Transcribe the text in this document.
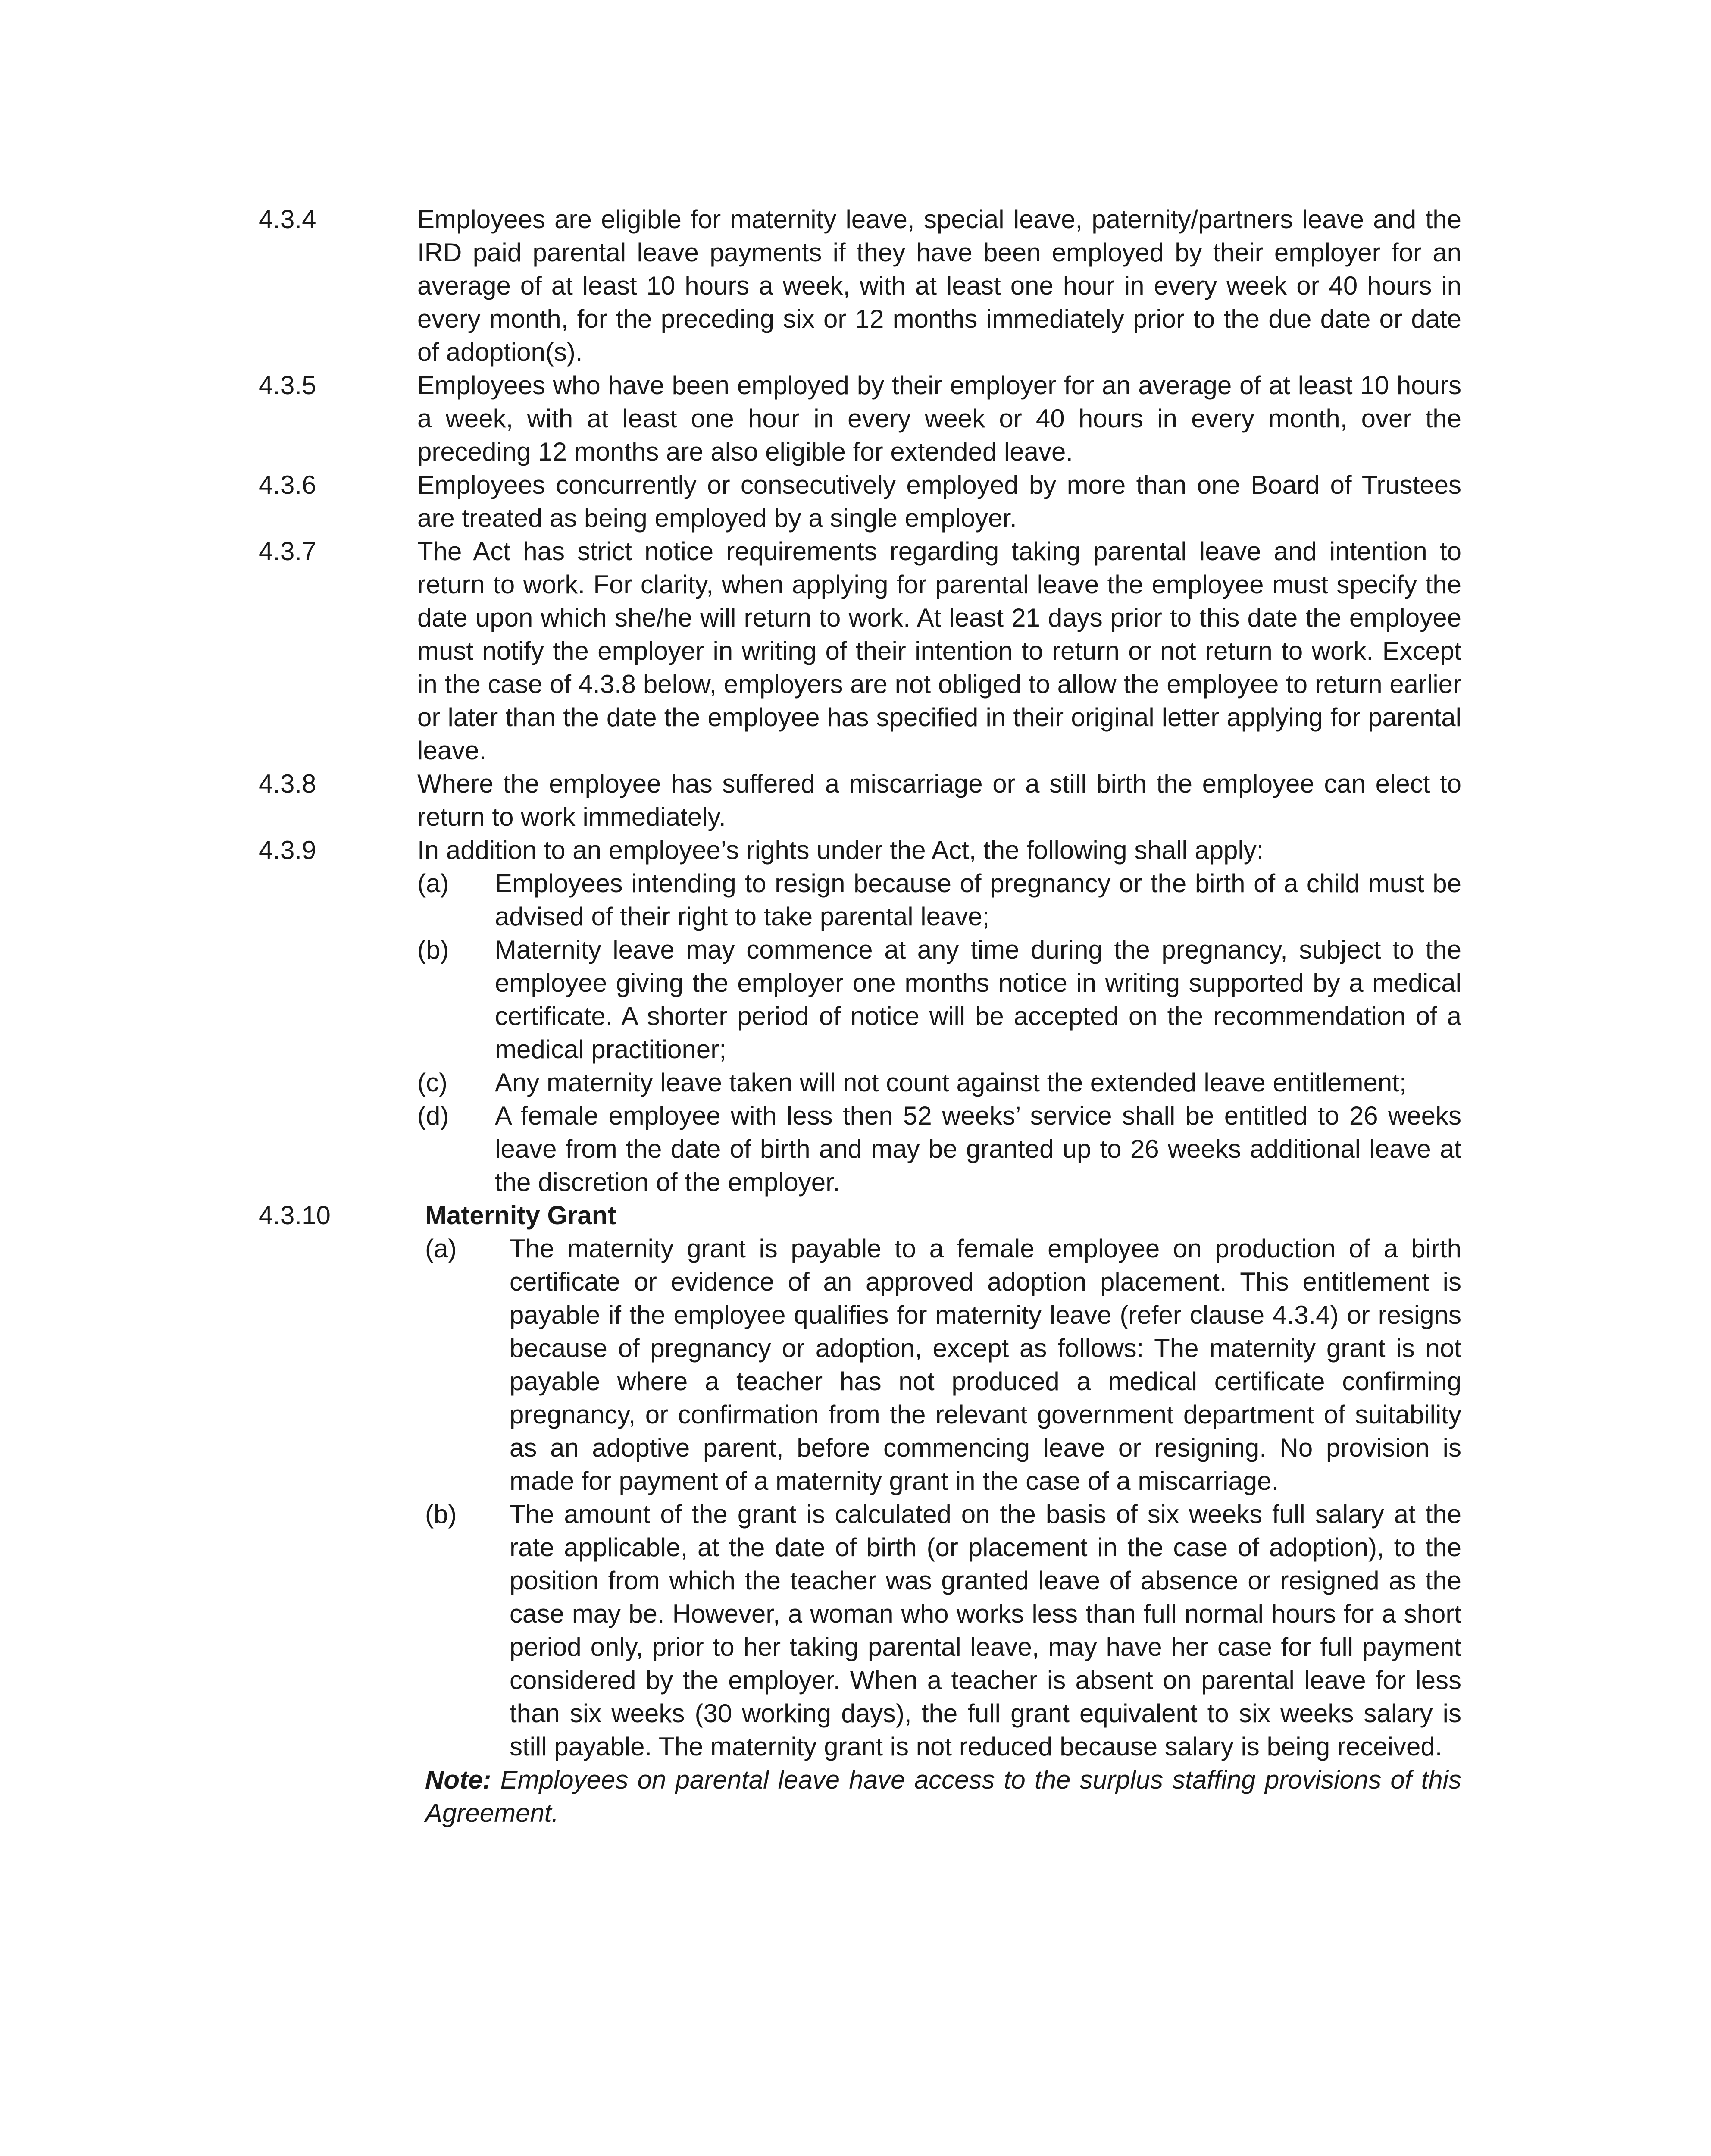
4.3.4	Employees are eligible for maternity leave, special leave, paternity/partners leave and the IRD paid parental leave payments if they have been employed by their employer for an average of at least 10 hours a week, with at least one hour in every week or 40 hours in every month, for the preceding six or 12 months immediately prior to the due date or date of adoption(s).
4.3.5	Employees who have been employed by their employer for an average of at least 10 hours a week, with at least one hour in every week or 40 hours in every month, over the preceding 12 months are also eligible for extended leave.
4.3.6	Employees concurrently or consecutively employed by more than one Board of Trustees are treated as being employed by a single employer.
4.3.7	The Act has strict notice requirements regarding taking parental leave and intention to return to work. For clarity, when applying for parental leave the employee must specify the date upon which she/he will return to work. At least 21 days prior to this date the employee must notify the employer in writing of their intention to return or not return to work. Except in the case of 4.3.8 below, employers are not obliged to allow the employee to return earlier or later than the date the employee has specified in their original letter applying for parental leave.
4.3.8	Where the employee has suffered a miscarriage or a still birth the employee can elect to return to work immediately.
4.3.9	In addition to an employee’s rights under the Act, the following shall apply:
(a)	Employees intending to resign because of pregnancy or the birth of a child must be advised of their right to take parental leave;
(b)	Maternity leave may commence at any time during the pregnancy, subject to the employee giving the employer one months notice in writing supported by a medical certificate. A shorter period of notice will be accepted on the recommendation of a medical practitioner;
(c)	Any maternity leave taken will not count against the extended leave entitlement;
(d)	A female employee with less then 52 weeks’ service shall be entitled to 26 weeks leave from the date of birth and may be granted up to 26 weeks additional leave at the discretion of the employer.
4.3.10	Maternity Grant
(a)	The maternity grant is payable to a female employee on production of a birth certificate or evidence of an approved adoption placement. This entitlement is payable if the employee qualifies for maternity leave (refer clause 4.3.4) or resigns because of pregnancy or adoption, except as follows: The maternity grant is not payable where a teacher has not produced a medical certificate confirming pregnancy, or confirmation from the relevant government department of suitability as an adoptive parent, before commencing leave or resigning. No provision is made for payment of a maternity grant in the case of a miscarriage.
(b)	The amount of the grant is calculated on the basis of six weeks full salary at the rate applicable, at the date of birth (or placement in the case of adoption), to the position from which the teacher was granted leave of absence or resigned as the case may be. However, a woman who works less than full normal hours for a short period only, prior to her taking parental leave, may have her case for full payment considered by the employer. When a teacher is absent on parental leave for less than six weeks (30 working days), the full grant equivalent to six weeks salary is still payable. The maternity grant is not reduced because salary is being received.
Note: Employees on parental leave have access to the surplus staffing provisions of this Agreement.
